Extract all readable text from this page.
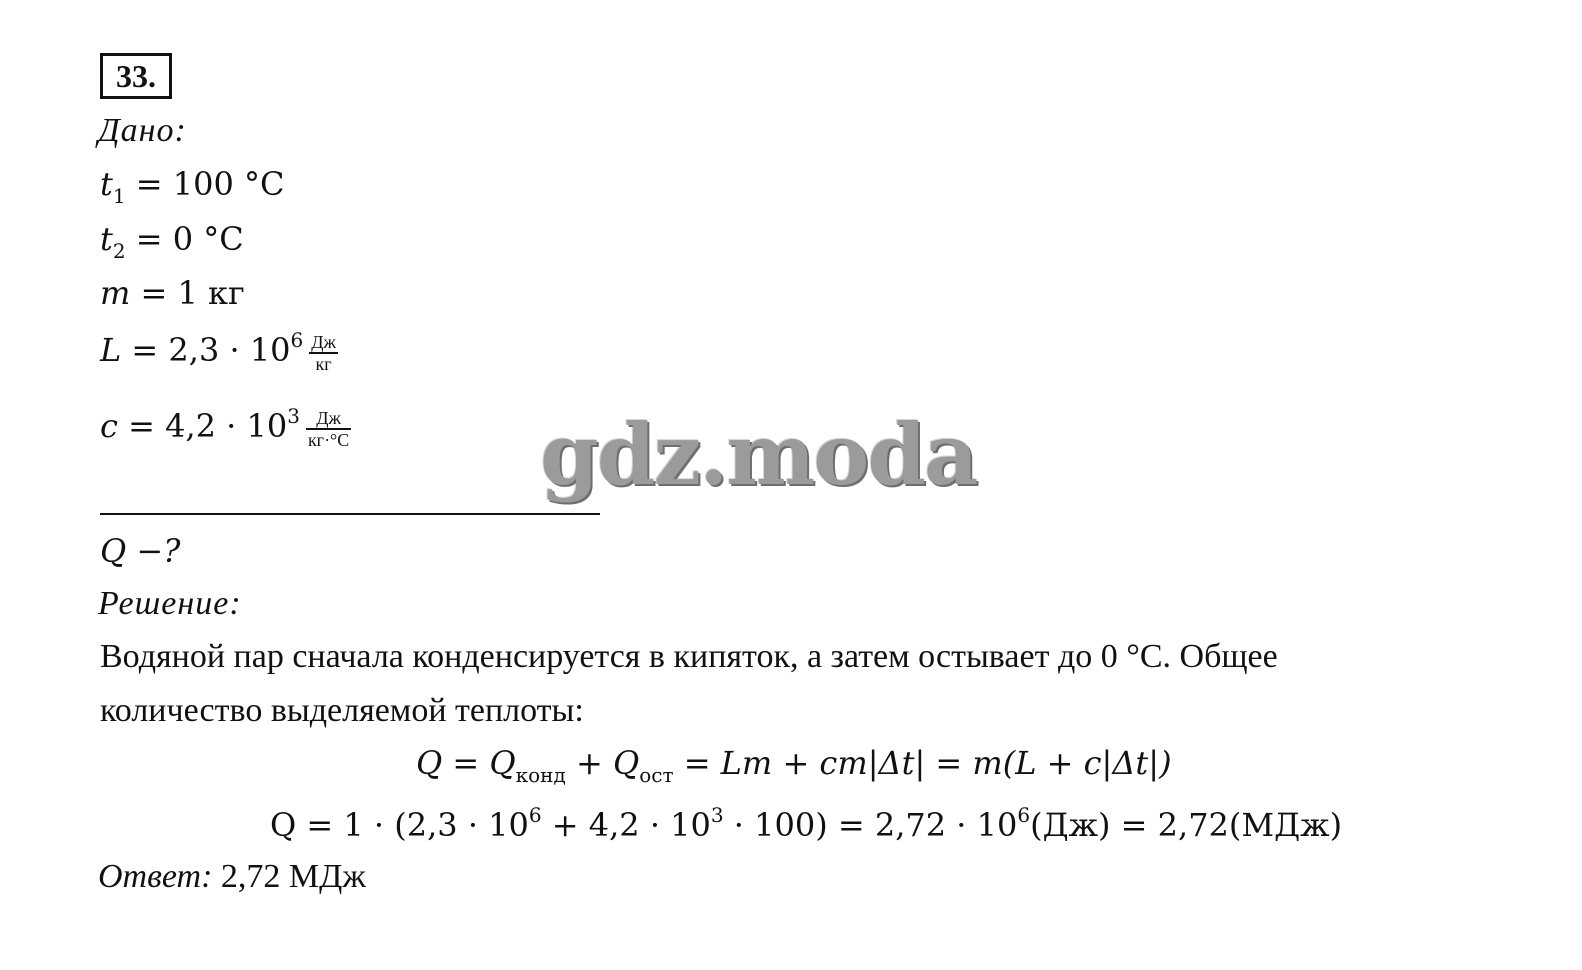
33.
Дано:
$t_1 = 100$ °C
$t_2 = 0$ °C
m = 1 кг
$L = 2,3 \cdot 10^6 \frac{Дж}{кг}$
$c = 4,2 \cdot 10^3 \frac{Дж}{кг\cdot^\circ C}$ gdz.moda
Q −?
Решение:
Водяной пар сначала конденсируется в кипяток, а затем остывает до 0 °С. Общее
количество выделяемой теплоты:
$Q = Q_{конд} + Q_{ост} = Lm + cm|\Delta t| = m(L + c|\Delta t|)$
$Q = 1 \cdot (2,3 \cdot 10^6 + 4,2 \cdot 10^3 \cdot 100) = 2,72 \cdot 10^6(Дж) = 2,72(МДж)$
Ответ: 2,72 МДж
